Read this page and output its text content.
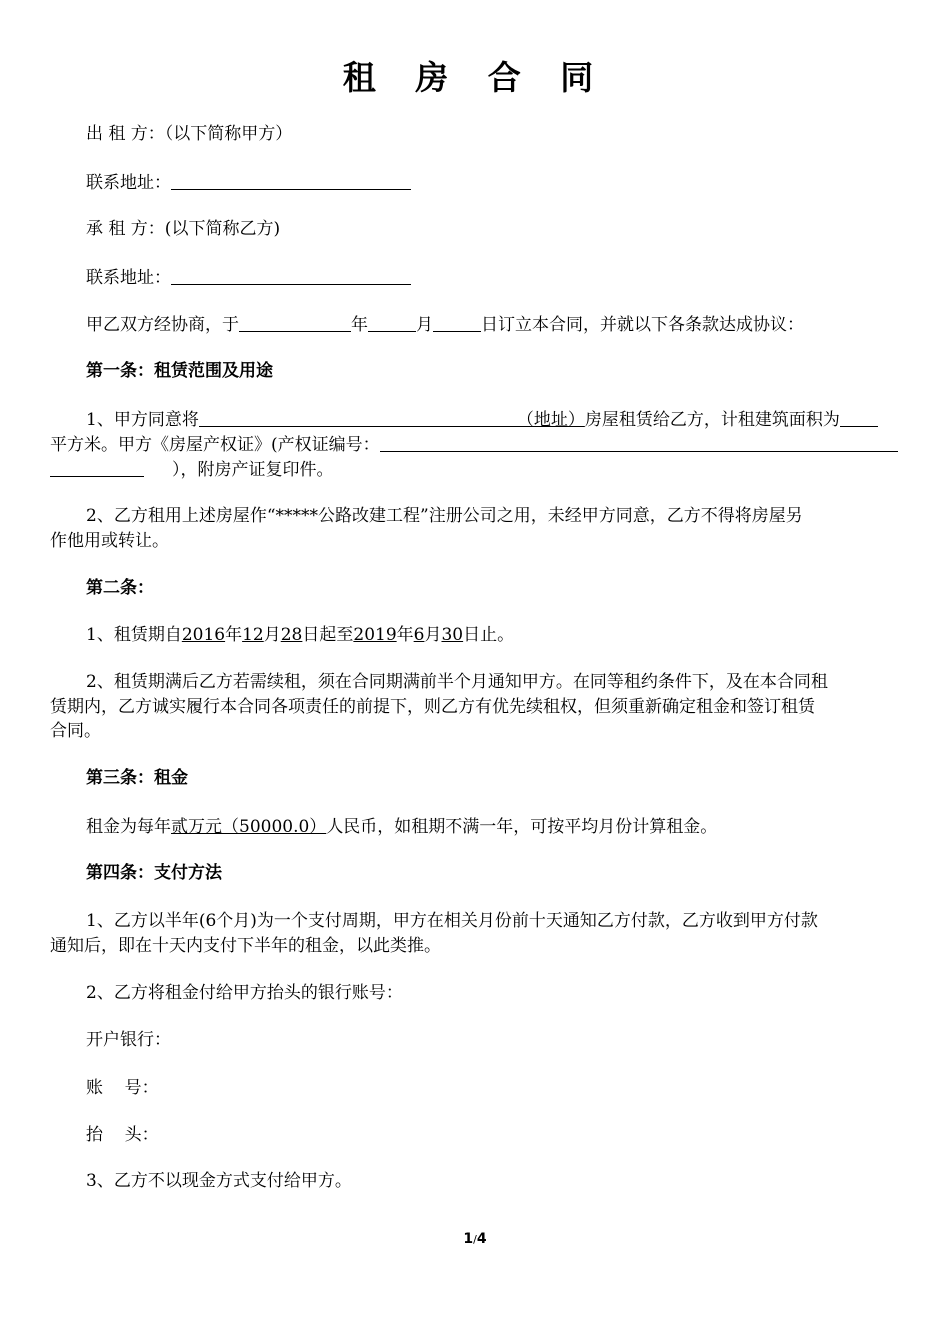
租 房 合 同
出 租 方：（以下简称甲方）
联系地址：
承 租 方：(以下简称乙方)
联系地址：
甲乙双方经协商，于	年	月	日订立本合同，并就以下各条款达成协议：
第一条：租赁范围及用途
1、甲方同意将	（地址）房屋租赁给乙方，计租建筑面积为
平方米。甲方《房屋产权证》(产权证编号：
），附房产证复印件。
2、乙方租用上述房屋作“*****公路改建工程”注册公司之用，未经甲方同意，乙方不得将房屋另
作他用或转让。
第二条：
1、租赁期自2016年12月28日起至2019年6月30日止。
2、租赁期满后乙方若需续租，须在合同期满前半个月通知甲方。在同等租约条件下，及在本合同租
赁期内，乙方诚实履行本合同各项责任的前提下，则乙方有优先续租权，但须重新确定租金和签订租赁
合同。
第三条：租金
租金为每年贰万元（50000.0）人民币，如租期不满一年，可按平均月份计算租金。
第四条：支付方法
1、乙方以半年(6个月)为一个支付周期，甲方在相关月份前十天通知乙方付款，乙方收到甲方付款
通知后，即在十天内支付下半年的租金，以此类推。
2、乙方将租金付给甲方抬头的银行账号：
开户银行：
账    号：
抬    头：
3、乙方不以现金方式支付给甲方。
1/4
